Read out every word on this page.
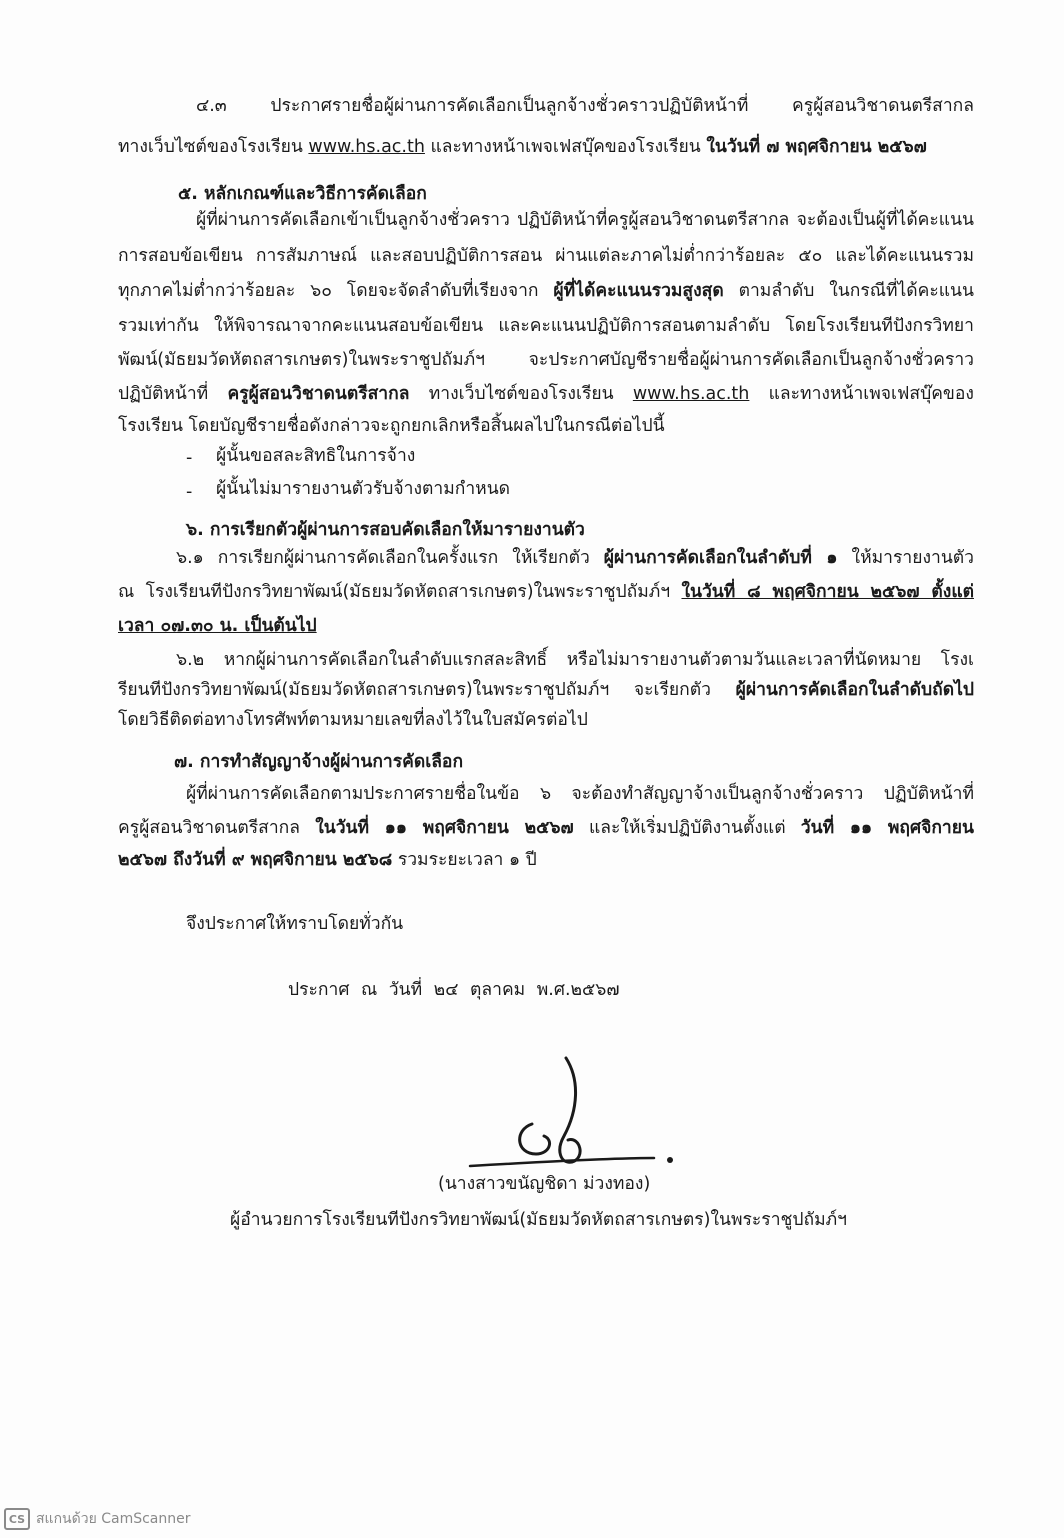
๔.๓ ประกาศรายชื่อผู้ผ่านการคัดเลือกเป็นลูกจ้างชั่วคราวปฏิบัติหน้าที่ ครูผู้สอนวิชาดนตรีสากล
ทางเว็บไซต์ของโรงเรียน www.hs.ac.th และทางหน้าเพจเฟสบุ๊คของโรงเรียน ในวันที่ ๗ พฤศจิกายน ๒๕๖๗
๕. หลักเกณฑ์และวิธีการคัดเลือก
ผู้ที่ผ่านการคัดเลือกเข้าเป็นลูกจ้างชั่วคราว ปฏิบัติหน้าที่ครูผู้สอนวิชาดนตรีสากล จะต้องเป็นผู้ที่ได้คะแนน
การสอบข้อเขียน การสัมภาษณ์ และสอบปฏิบัติการสอน ผ่านแต่ละภาคไม่ต่ำกว่าร้อยละ ๕๐ และได้คะแนนรวม
ทุกภาคไม่ต่ำกว่าร้อยละ ๖๐ โดยจะจัดลำดับที่เรียงจาก ผู้ที่ได้คะแนนรวมสูงสุด ตามลำดับ ในกรณีที่ได้คะแนน
รวมเท่ากัน ให้พิจารณาจากคะแนนสอบข้อเขียน และคะแนนปฏิบัติการสอนตามลำดับ โดยโรงเรียนทีปังกรวิทยา
พัฒน์(มัธยมวัดหัตถสารเกษตร)ในพระราชูปถัมภ์ฯ จะประกาศบัญชีรายชื่อผู้ผ่านการคัดเลือกเป็นลูกจ้างชั่วคราว
ปฏิบัติหน้าที่ ครูผู้สอนวิชาดนตรีสากล ทางเว็บไซต์ของโรงเรียน www.hs.ac.th และทางหน้าเพจเฟสบุ๊คของ
โรงเรียน โดยบัญชีรายชื่อดังกล่าวจะถูกยกเลิกหรือสิ้นผลไปในกรณีต่อไปนี้
- ผู้นั้นขอสละสิทธิในการจ้าง
- ผู้นั้นไม่มารายงานตัวรับจ้างตามกำหนด
๖. การเรียกตัวผู้ผ่านการสอบคัดเลือกให้มารายงานตัว
๖.๑ การเรียกผู้ผ่านการคัดเลือกในครั้งแรก ให้เรียกตัว ผู้ผ่านการคัดเลือกในลำดับที่ ๑ ให้มารายงานตัว
ณ โรงเรียนทีปังกรวิทยาพัฒน์(มัธยมวัดหัตถสารเกษตร)ในพระราชูปถัมภ์ฯ ในวันที่ ๘ พฤศจิกายน ๒๕๖๗ ตั้งแต่
เวลา ๐๗.๓๐ น. เป็นต้นไป
๖.๒ หากผู้ผ่านการคัดเลือกในลำดับแรกสละสิทธิ์ หรือไม่มารายงานตัวตามวันและเวลาที่นัดหมาย โรงเ
รียนทีปังกรวิทยาพัฒน์(มัธยมวัดหัตถสารเกษตร)ในพระราชูปถัมภ์ฯ จะเรียกตัว ผู้ผ่านการคัดเลือกในลำดับถัดไป
โดยวิธีติดต่อทางโทรศัพท์ตามหมายเลขที่ลงไว้ในใบสมัครต่อไป
๗. การทำสัญญาจ้างผู้ผ่านการคัดเลือก
ผู้ที่ผ่านการคัดเลือกตามประกาศรายชื่อในข้อ ๖ จะต้องทำสัญญาจ้างเป็นลูกจ้างชั่วคราว ปฏิบัติหน้าที่
ครูผู้สอนวิชาดนตรีสากล ในวันที่ ๑๑ พฤศจิกายน ๒๕๖๗ และให้เริ่มปฏิบัติงานตั้งแต่ วันที่ ๑๑ พฤศจิกายน
๒๕๖๗ ถึงวันที่ ๙ พฤศจิกายน ๒๕๖๘ รวมระยะเวลา ๑ ปี
จึงประกาศให้ทราบโดยทั่วกัน
ประกาศ ณ วันที่ ๒๔ ตุลาคม พ.ศ.๒๕๖๗
(นางสาวขนัญชิดา ม่วงทอง)
ผู้อำนวยการโรงเรียนทีปังกรวิทยาพัฒน์(มัธยมวัดหัตถสารเกษตร)ในพระราชูปถัมภ์ฯ
CS สแกนด้วย CamScanner
